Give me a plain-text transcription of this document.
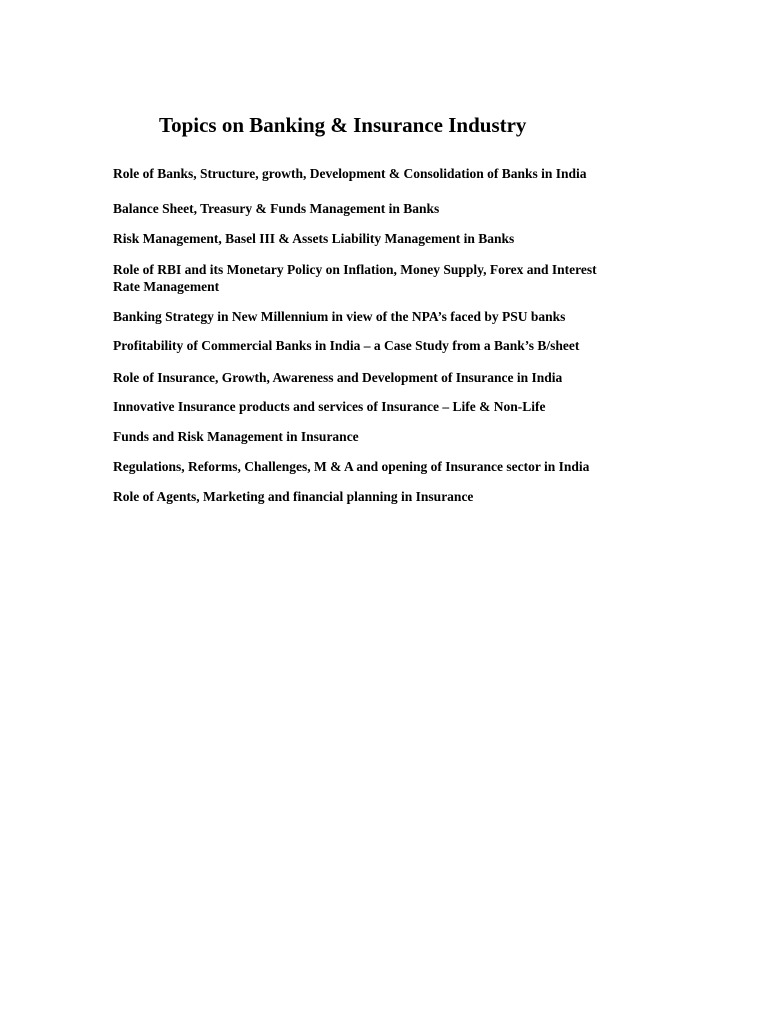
Topics on Banking & Insurance Industry
Role of Banks, Structure, growth, Development & Consolidation of Banks in India
Balance Sheet, Treasury & Funds Management in Banks
Risk Management, Basel III & Assets Liability Management in Banks
Role of RBI and its Monetary Policy on Inflation, Money Supply, Forex and Interest
Rate Management
Banking Strategy in New Millennium in view of the NPA’s faced by PSU banks
Profitability of Commercial Banks in India – a Case Study from a Bank’s B/sheet
Role of Insurance, Growth, Awareness and Development of Insurance in India
Innovative Insurance products and services of Insurance – Life & Non-Life
Funds and Risk Management in Insurance
Regulations, Reforms, Challenges, M & A and opening of Insurance sector in India
Role of Agents, Marketing and financial planning in Insurance
